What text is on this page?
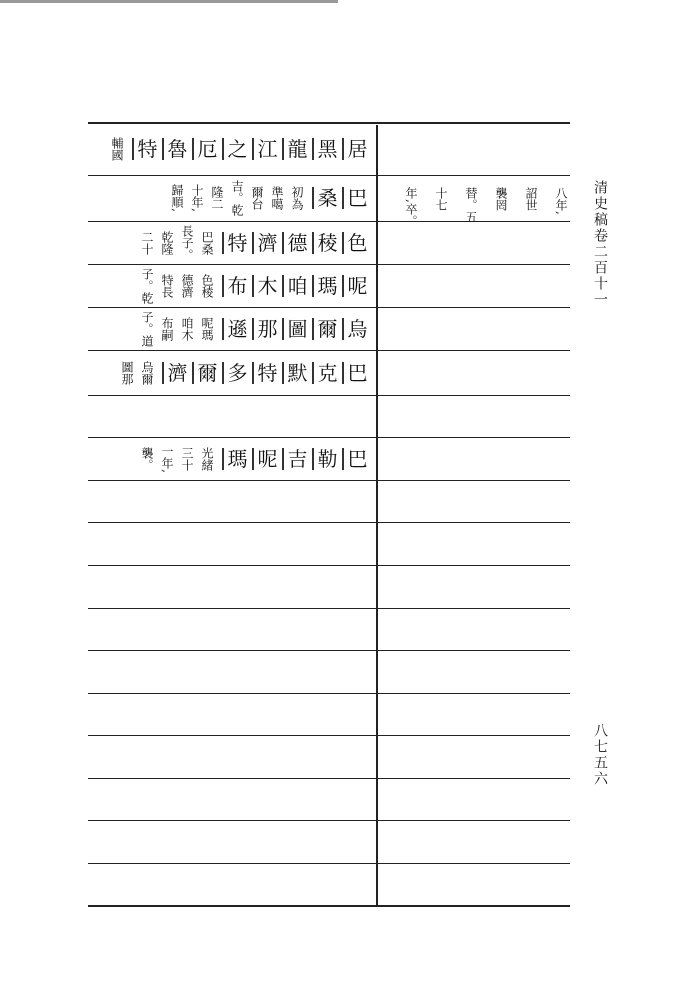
清史稿卷二百十一
八七五六
居
黑
龍
江
之
厄
魯
特
輔國
巴
桑
初為
準噶
爾台
吉。乾
隆二
十年,
歸順,	八年,
詔世
襲罔
替。五
十七
年,卒。
色
稜
德
濟
特
巴桑
長子。
乾隆
二十
呢
瑪
咱
木
布
色稜
德濟
特長
子。乾
烏
爾
圖
那
遜
呢瑪
咱木
布嗣
子。道
巴
克
默
特
多
爾
濟
烏爾
圖那
巴
勒
吉
呢
瑪
光緒
三十
一年,
襲。
